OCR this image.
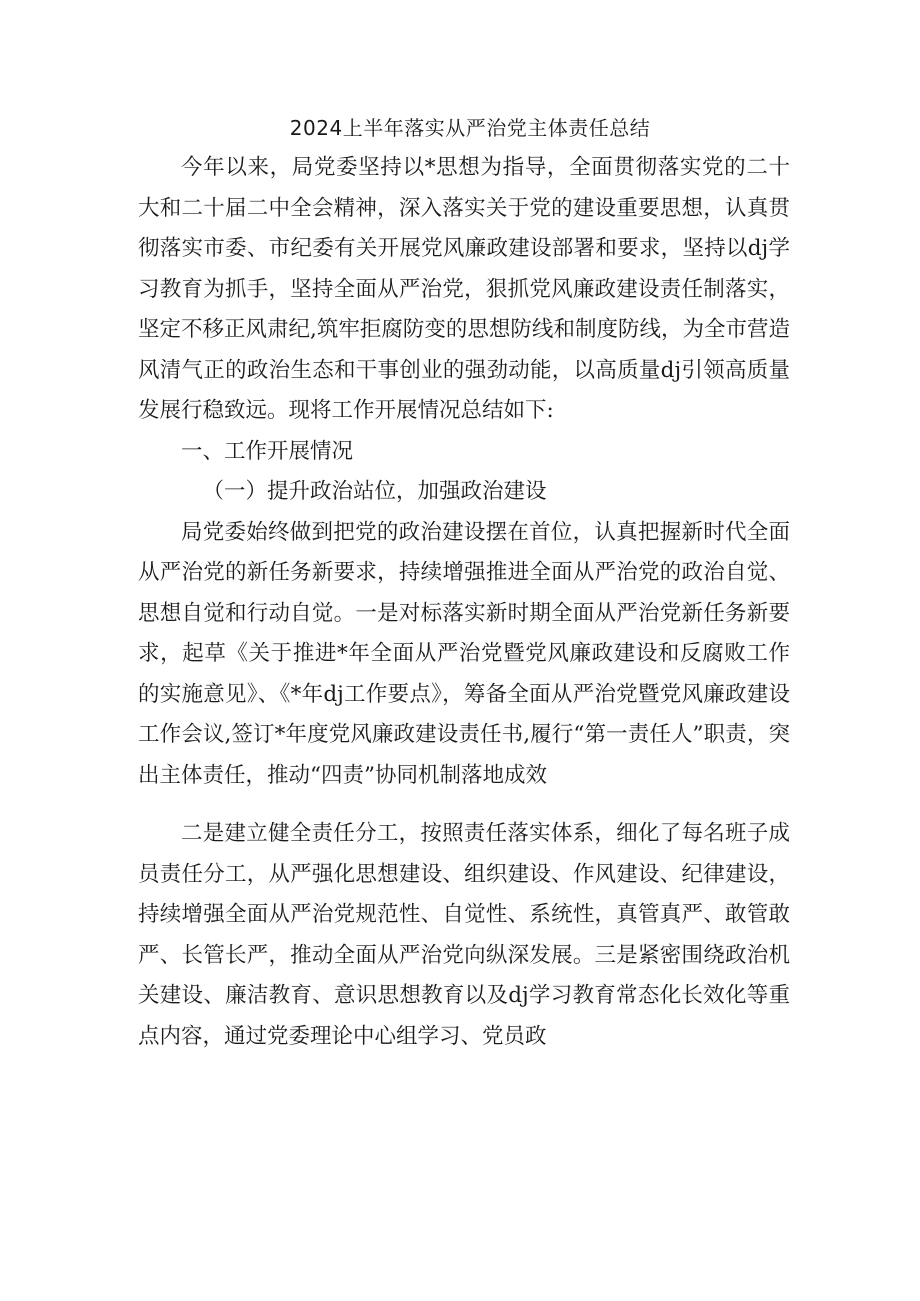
2024上半年落实从严治党主体责任总结

今年以来，局党委坚持以*思想为指导，全面贯彻落实党的二十大和二十届二中全会精神，深入落实关于党的建设重要思想，认真贯彻落实市委、市纪委有关开展党风廉政建设部署和要求，坚持以dj学习教育为抓手，坚持全面从严治党，狠抓党风廉政建设责任制落实，坚定不移正风肃纪,筑牢拒腐防变的思想防线和制度防线，为全市营造风清气正的政治生态和干事创业的强劲动能，以高质量dj引领高质量发展行稳致远。现将工作开展情况总结如下:

一、工作开展情况

（一）提升政治站位，加强政治建设

局党委始终做到把党的政治建设摆在首位，认真把握新时代全面从严治党的新任务新要求，持续增强推进全面从严治党的政治自觉、思想自觉和行动自觉。一是对标落实新时期全面从严治党新任务新要求，起草《关于推进*年全面从严治党暨党风廉政建设和反腐败工作的实施意见》、《*年dj工作要点》，筹备全面从严治党暨党风廉政建设工作会议,签订*年度党风廉政建设责任书,履行“第一责任人”职责，突出主体责任，推动“四责”协同机制落地成效

二是建立健全责任分工，按照责任落实体系，细化了每名班子成员责任分工，从严强化思想建设、组织建设、作风建设、纪律建设，持续增强全面从严治党规范性、自觉性、系统性，真管真严、敢管敢严、长管长严，推动全面从严治党向纵深发展。三是紧密围绕政治机关建设、廉洁教育、意识思想教育以及dj学习教育常态化长效化等重点内容，通过党委理论中心组学习、党员政
